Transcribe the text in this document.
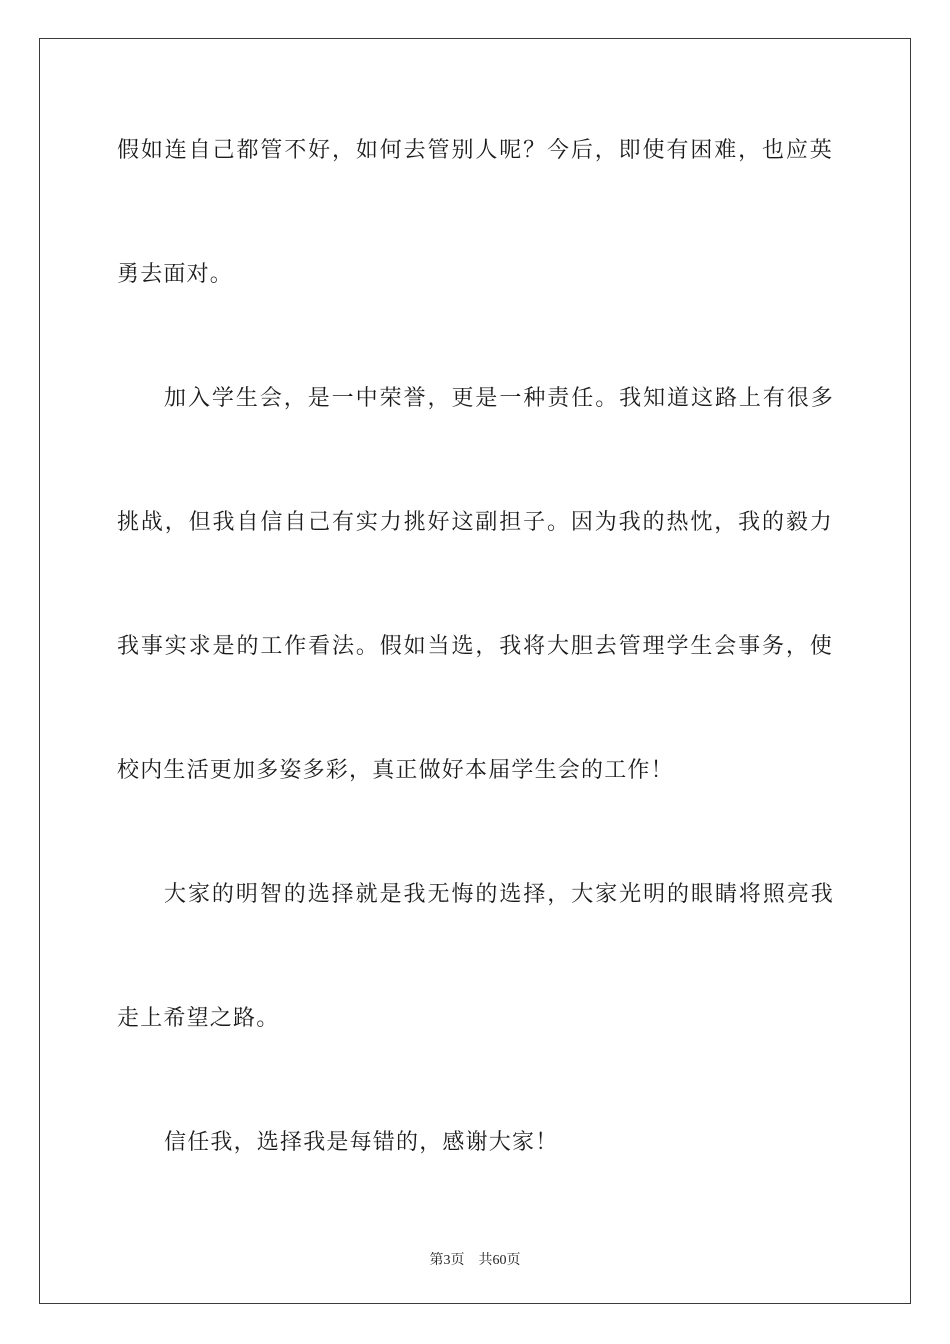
假如连自己都管不好，如何去管别人呢？今后，即使有困难，也应英
勇去面对。
加入学生会，是一中荣誉，更是一种责任。我知道这路上有很多
挑战，但我自信自己有实力挑好这副担子。因为我的热忱，我的毅力
我事实求是的工作看法。假如当选，我将大胆去管理学生会事务，使
校内生活更加多姿多彩，真正做好本届学生会的工作！
大家的明智的选择就是我无悔的选择，大家光明的眼睛将照亮我
走上希望之路。
信任我，选择我是每错的，感谢大家！
第3页 共60页
